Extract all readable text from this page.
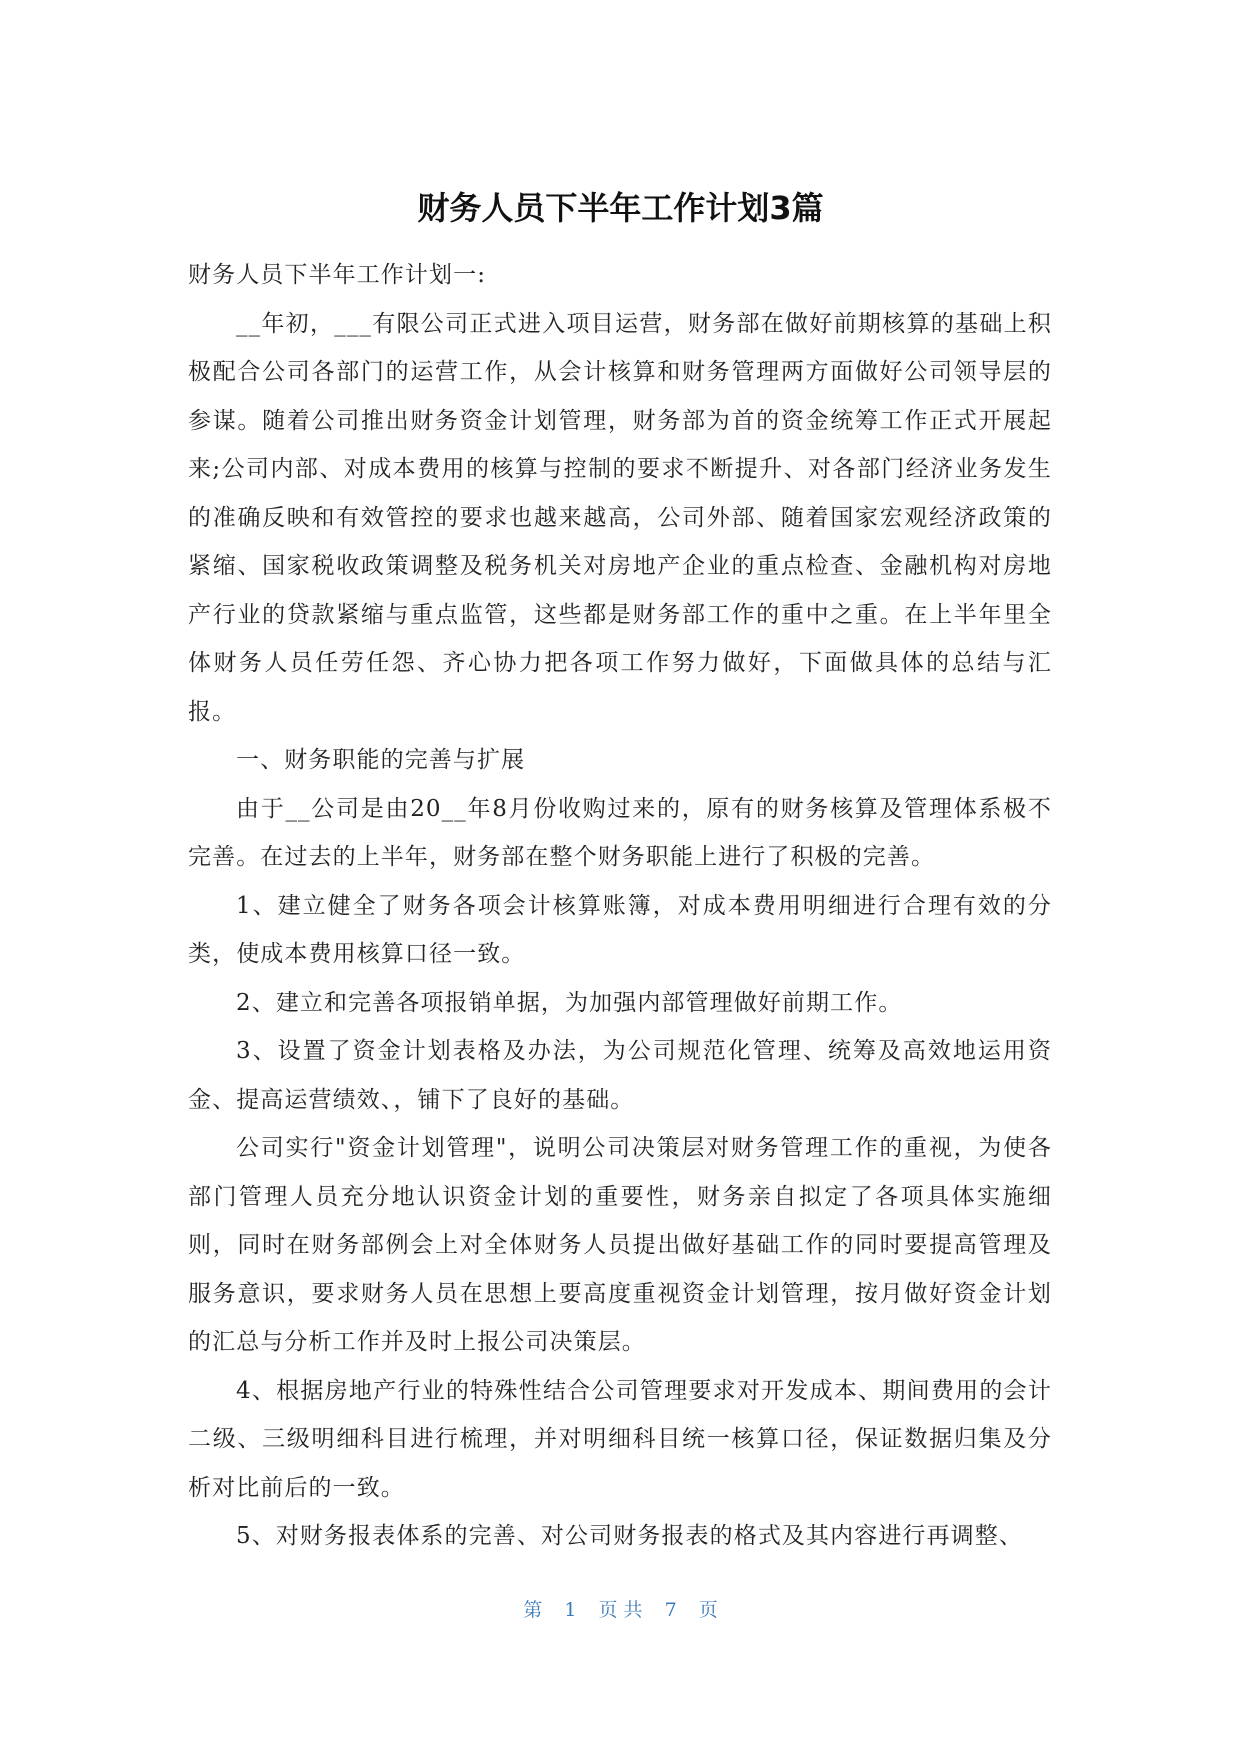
财务人员下半年工作计划3篇

财务人员下半年工作计划一:

__年初，___有限公司正式进入项目运营，财务部在做好前期核算的基础上积极配合公司各部门的运营工作，从会计核算和财务管理两方面做好公司领导层的参谋。随着公司推出财务资金计划管理，财务部为首的资金统筹工作正式开展起来;公司内部、对成本费用的核算与控制的要求不断提升、对各部门经济业务发生的准确反映和有效管控的要求也越来越高，公司外部、随着国家宏观经济政策的紧缩、国家税收政策调整及税务机关对房地产企业的重点检查、金融机构对房地产行业的贷款紧缩与重点监管，这些都是财务部工作的重中之重。在上半年里全体财务人员任劳任怨、齐心协力把各项工作努力做好，下面做具体的总结与汇报。

一、财务职能的完善与扩展

由于__公司是由20__年8月份收购过来的，原有的财务核算及管理体系极不完善。在过去的上半年，财务部在整个财务职能上进行了积极的完善。

1、建立健全了财务各项会计核算账簿，对成本费用明细进行合理有效的分类，使成本费用核算口径一致。

2、建立和完善各项报销单据，为加强内部管理做好前期工作。

3、设置了资金计划表格及办法，为公司规范化管理、统筹及高效地运用资金、提高运营绩效、，铺下了良好的基础。

公司实行"资金计划管理"，说明公司决策层对财务管理工作的重视，为使各部门管理人员充分地认识资金计划的重要性，财务亲自拟定了各项具体实施细则，同时在财务部例会上对全体财务人员提出做好基础工作的同时要提高管理及服务意识，要求财务人员在思想上要高度重视资金计划管理，按月做好资金计划的汇总与分析工作并及时上报公司决策层。

4、根据房地产行业的特殊性结合公司管理要求对开发成本、期间费用的会计二级、三级明细科目进行梳理，并对明细科目统一核算口径，保证数据归集及分析对比前后的一致。

5、对财务报表体系的完善、对公司财务报表的格式及其内容进行再调整、

第 1 页 共 7 页
